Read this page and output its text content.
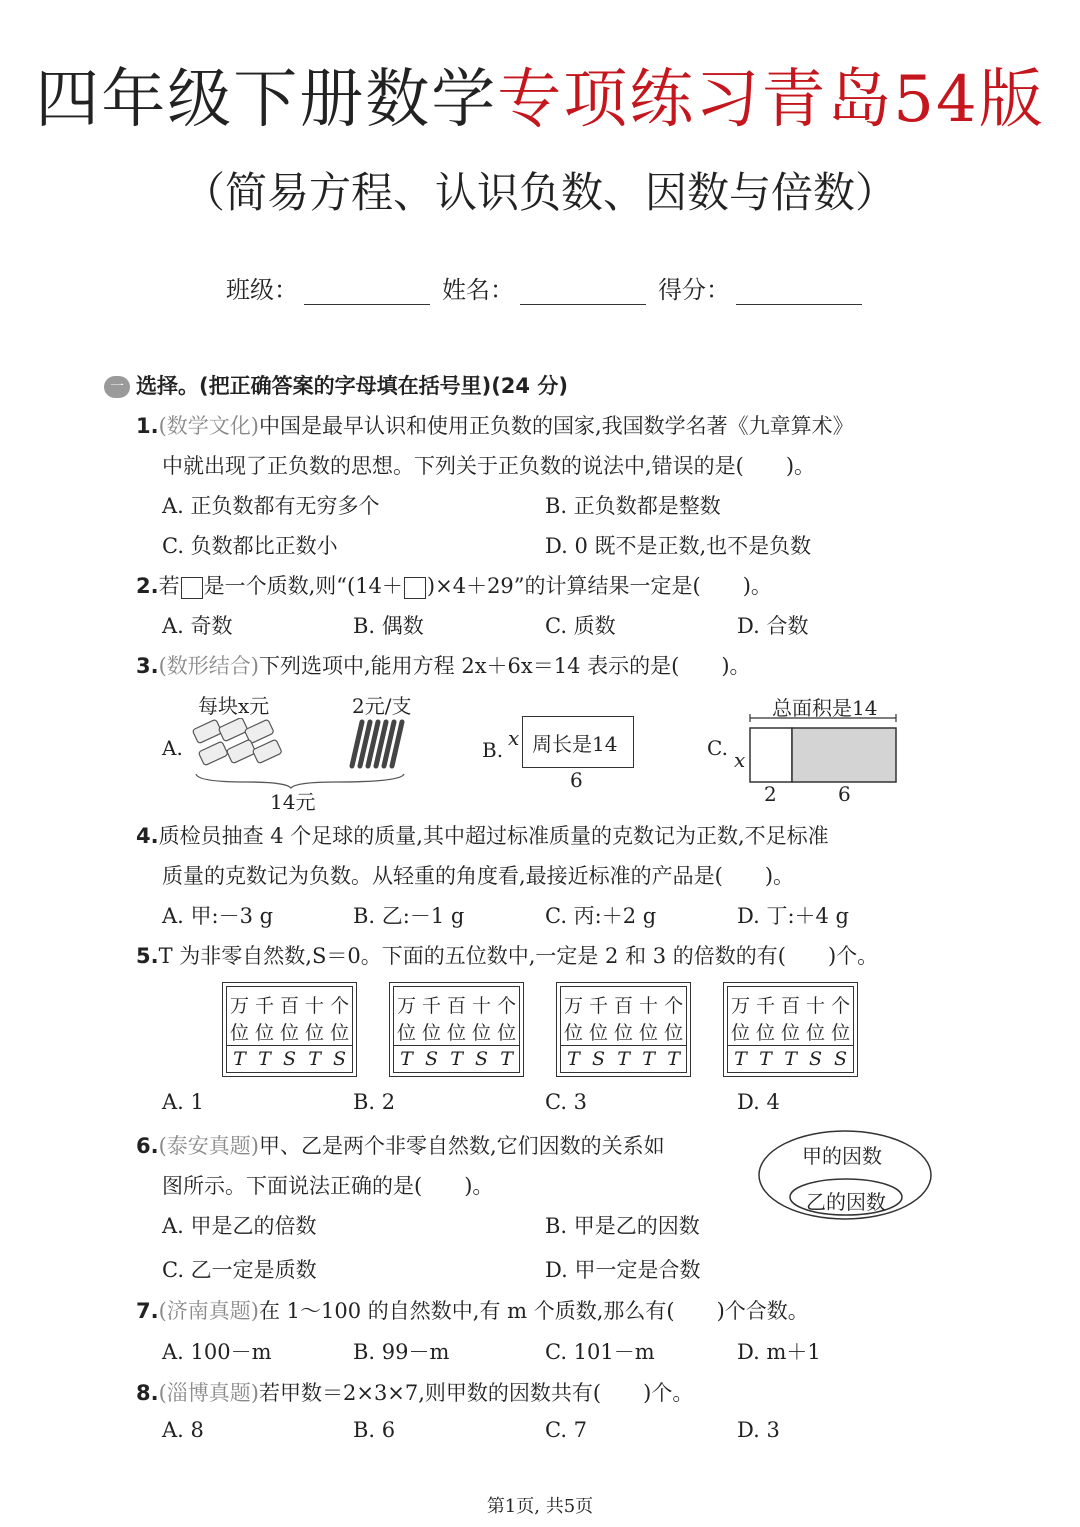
四年级下册数学专项练习青岛54版
（简易方程、认识负数、因数与倍数）
班级：	姓名：	得分：
一 选择。(把正确答案的字母填在括号里)(24 分)
1.(数学文化)中国是最早认识和使用正负数的国家,我国数学名著《九章算术》
中就出现了正负数的思想。下列关于正负数的说法中,错误的是(　　)。
A. 正负数都有无穷多个	B. 正负数都是整数
C. 负数都比正数小	D. 0 既不是正数,也不是负数
2.若 是一个质数,则“(14＋ )×4＋29”的计算结果一定是(　　)。
A. 奇数	B. 偶数	C. 质数	D. 合数
3.(数形结合)下列选项中,能用方程 2x＋6x＝14 表示的是(　　)。
A.
每块x元	2元/支
14元
B. x 周长是14
6
C.
总面积是14
x
2	6
4.质检员抽查 4 个足球的质量,其中超过标准质量的克数记为正数,不足标准
质量的克数记为负数。从轻重的角度看,最接近标准的产品是(　　)。
A. 甲:－3 g	B. 乙:－1 g	C. 丙:＋2 g	D. 丁:＋4 g
5.T 为非零自然数,S＝0。下面的五位数中,一定是 2 和 3 的倍数的有(　　)个。
万	千	百	十	个
位	位	位	位	位
T	T	S	T	S
万	千	百	十	个
位	位	位	位	位
T	S	T	S	T
万	千	百	十	个
位	位	位	位	位
T	S	T	T	T
万	千	百	十	个
位	位	位	位	位
T	T	T	S	S
A. 1	B. 2	C. 3	D. 4
6.(泰安真题)甲、乙是两个非零自然数,它们因数的关系如
图所示。下面说法正确的是(　　)。
甲的因数
乙的因数
A. 甲是乙的倍数	B. 甲是乙的因数
C. 乙一定是质数	D. 甲一定是合数
7.(济南真题)在 1～100 的自然数中,有 m 个质数,那么有(　　)个合数。
A. 100－m	B. 99－m	C. 101－m	D. m＋1
8.(淄博真题)若甲数＝2×3×7,则甲数的因数共有(　　)个。
A. 8	B. 6	C. 7	D. 3
第1页, 共5页
